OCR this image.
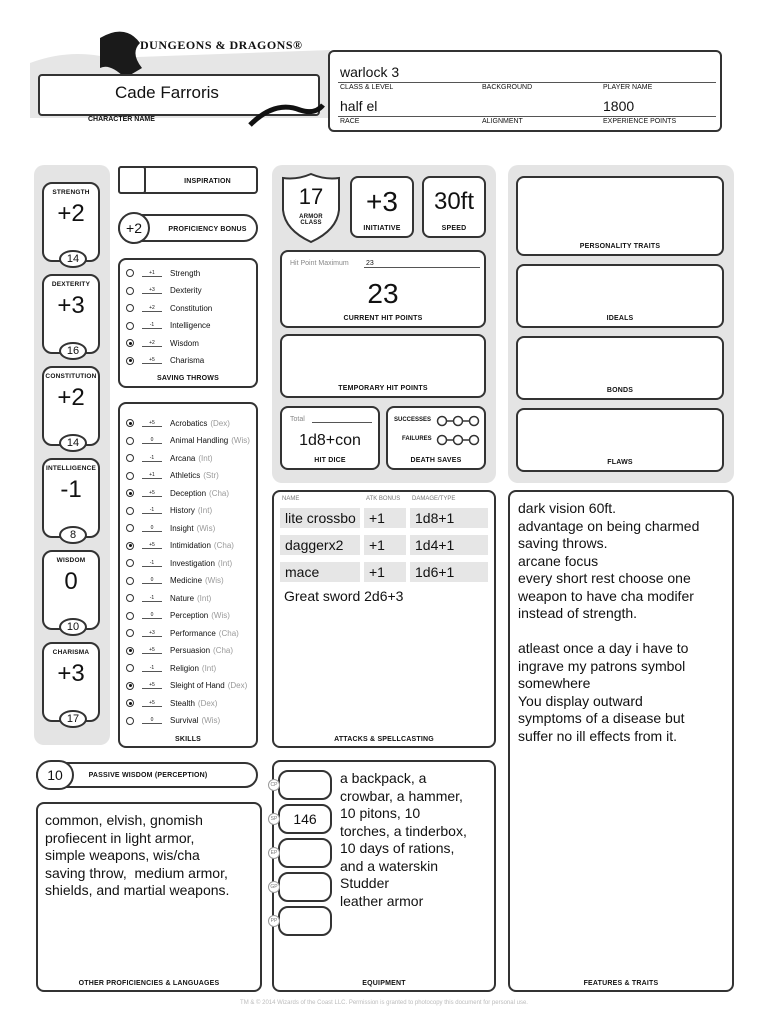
DUNGEONS & DRAGONS®
Cade Farroris
CHARACTER NAME
warlock 3
CLASS & LEVEL	BACKGROUND	PLAYER NAME
half el
RACE	ALIGNMENT
1800
EXPERIENCE POINTS
STRENGTH
+2
14
DEXTERITY
+3
16
CONSTITUTION
+2
14
INTELLIGENCE
-1
8
WISDOM
0
10
CHARISMA
+3
17
INSPIRATION
+2	PROFICIENCY BONUS
+1	Strength
+3	Dexterity
+2	Constitution
-1	Intelligence
+2	Wisdom
+5	Charisma
SAVING THROWS
+5	Acrobatics (Dex)
0	Animal Handling (Wis)
-1	Arcana (Int)
+1	Athletics (Str)
+5	Deception (Cha)
-1	History (Int)
0	Insight (Wis)
+5	Intimidation (Cha)
-1	Investigation (Int)
0	Medicine (Wis)
-1	Nature (Int)
0	Perception (Wis)
+3	Performance (Cha)
+5	Persuasion (Cha)
-1	Religion (Int)
+5	Sleight of Hand (Dex)
+5	Stealth (Dex)
0	Survival (Wis)
SKILLS
10	PASSIVE WISDOM (PERCEPTION)
common, elvish, gnomish
profiecent in light armor,
simple weapons, wis/cha
saving throw,  medium armor,
shields, and martial weapons.
OTHER PROFICIENCIES & LANGUAGES
17
ARMOR CLASS
+3
INITIATIVE
30ft
SPEED
Hit Point Maximum 23
23
CURRENT HIT POINTS
TEMPORARY HIT POINTS
Total
1d8+con
HIT DICE
SUCCESSES
FAILURES
DEATH SAVES
NAME	ATK BONUS DAMAGE/TYPE
lite crossbo +1	1d8+1
daggerx2	+1	1d4+1
mace	+1	1d6+1
Great sword 2d6+3
ATTACKS & SPELLCASTING
a backpack, a
crowbar, a hammer,
10 pitons, 10
torches, a tinderbox,
10 days of rations,
and a waterskin
Studder
leather armor
EQUIPMENT
CP
146
SP
EP
GP
PP
PERSONALITY TRAITS
IDEALS
BONDS
FLAWS
dark vision 60ft.
advantage on being charmed
saving throws.
arcane focus
every short rest choose one
weapon to have cha modifer
instead of strength.

atleast once a day i have to
ingrave my patrons symbol
somewhere
You display outward
symptoms of a disease but
suffer no ill effects from it.
FEATURES & TRAITS
TM & © 2014 Wizards of the Coast LLC. Permission is granted to photocopy this document for personal use.
